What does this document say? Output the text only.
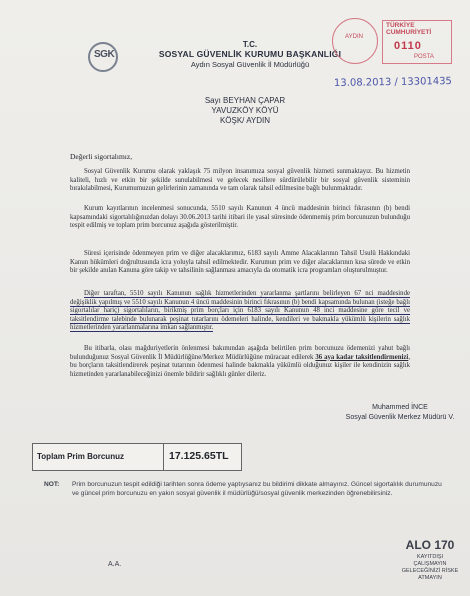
SGK
T.C.
SOSYAL GÜVENLİK KURUMU BAŞKANLIĞI
Aydın Sosyal Güvenlik İl Müdürlüğü
AYDIN
TÜRKİYE CUMHURİYETİ
0110
POSTA
13.08.2013 / 13301435
Sayı BEYHAN ÇAPAR
YAVUZKÖY KÖYÜ
KÖŞK/ AYDIN
Değerli sigortalımız,
Sosyal Güvenlik Kurumu olarak yaklaşık 75 milyon insanımıza sosyal güvenlik hizmeti sunmaktayız. Bu hizmetin kaliteli, hızlı ve etkin bir şekilde sunulabilmesi ve gelecek nesillere sürdürülebilir bir sosyal güvenlik sisteminin bırakılabilmesi, Kurumumuzun gelirlerinin zamanında ve tam olarak tahsil edilmesine bağlı bulunmaktadır.
Kurum kayıtlarının incelenmesi sonucunda, 5510 sayılı Kanunun 4 üncü maddesinin birinci fıkrasının (b) bendi kapsamındaki sigortalılığınızdan dolayı 30.06.2013 tarihi itibari ile yasal süresinde ödenmemiş prim borcunuzun bulunduğu tespit edilmiş ve toplam prim borcunuz aşağıda gösterilmiştir.
Süresi içerisinde ödenmeyen prim ve diğer alacaklarımız, 6183 sayılı Amme Alacaklarının Tahsil Usulü Hakkındaki Kanun hükümleri doğrultusunda icra yoluyla tahsil edilmektedir. Kurumun prim ve diğer alacaklarının kısa sürede ve etkin bir şekilde anılan Kanuna göre takip ve tahsilinin sağlanması amacıyla da otomatik icra programları oluşturulmuştur.
Diğer taraftan, 5510 sayılı Kanunun sağlık hizmetlerinden yararlanma şartlarını belirleyen 67 nci maddesinde değişiklik yapılmış ve 5510 sayılı Kanunun 4 üncü maddesinin birinci fıkrasının (b) bendi kapsamında bulunan (isteğe bağlı sigortalılar hariç) sigortalıların, birikmiş prim borçları için 6183 sayılı Kanunun 48 inci maddesine göre tecil ve taksitlendirme talebinde bulunarak peşinat tutarlarını ödemeleri halinde, kendileri ve bakmakla yükümlü kişilerin sağlık hizmetlerinden yararlanmalarına imkan sağlanmıştır.
Bu itibarla, olası mağduriyetlerin önlenmesi bakımından aşağıda belirtilen prim borcunuzu ödemenizi yahut bağlı bulunduğunuz Sosyal Güvenlik İl Müdürlüğüne/Merkez Müdürlüğüne müracaat edilerek 36 aya kadar taksitlendirmenizi, bu borçların taksitlendirerek peşinat tutarının ödenmesi halinde bakmakla yükümlü olduğunuz kişiler ile kendinizin sağlık hizmetinden yararlanabileceğinizi önemle bildirir sağlıklı günler dileriz.
Muhammed İNCE
Sosyal Güvenlik Merkez Müdürü V.
Toplam Prim Borcunuz	17.125.65TL
NOT: Prim borcunuzun tespit edildiği tarihten sonra ödeme yaptıysanız bu bildirimi dikkate almayınız. Güncel sigortalılık durumunuzu ve güncel prim borcunuzu en yakın sosyal güvenlik il müdürlüğü/sosyal güvenlik merkezinden öğrenebilirsiniz.
A.A.
ALO 170
KAYITDIŞI ÇALIŞMAYIN
GELECEĞİNİZİ RİSKE
ATMAYIN
